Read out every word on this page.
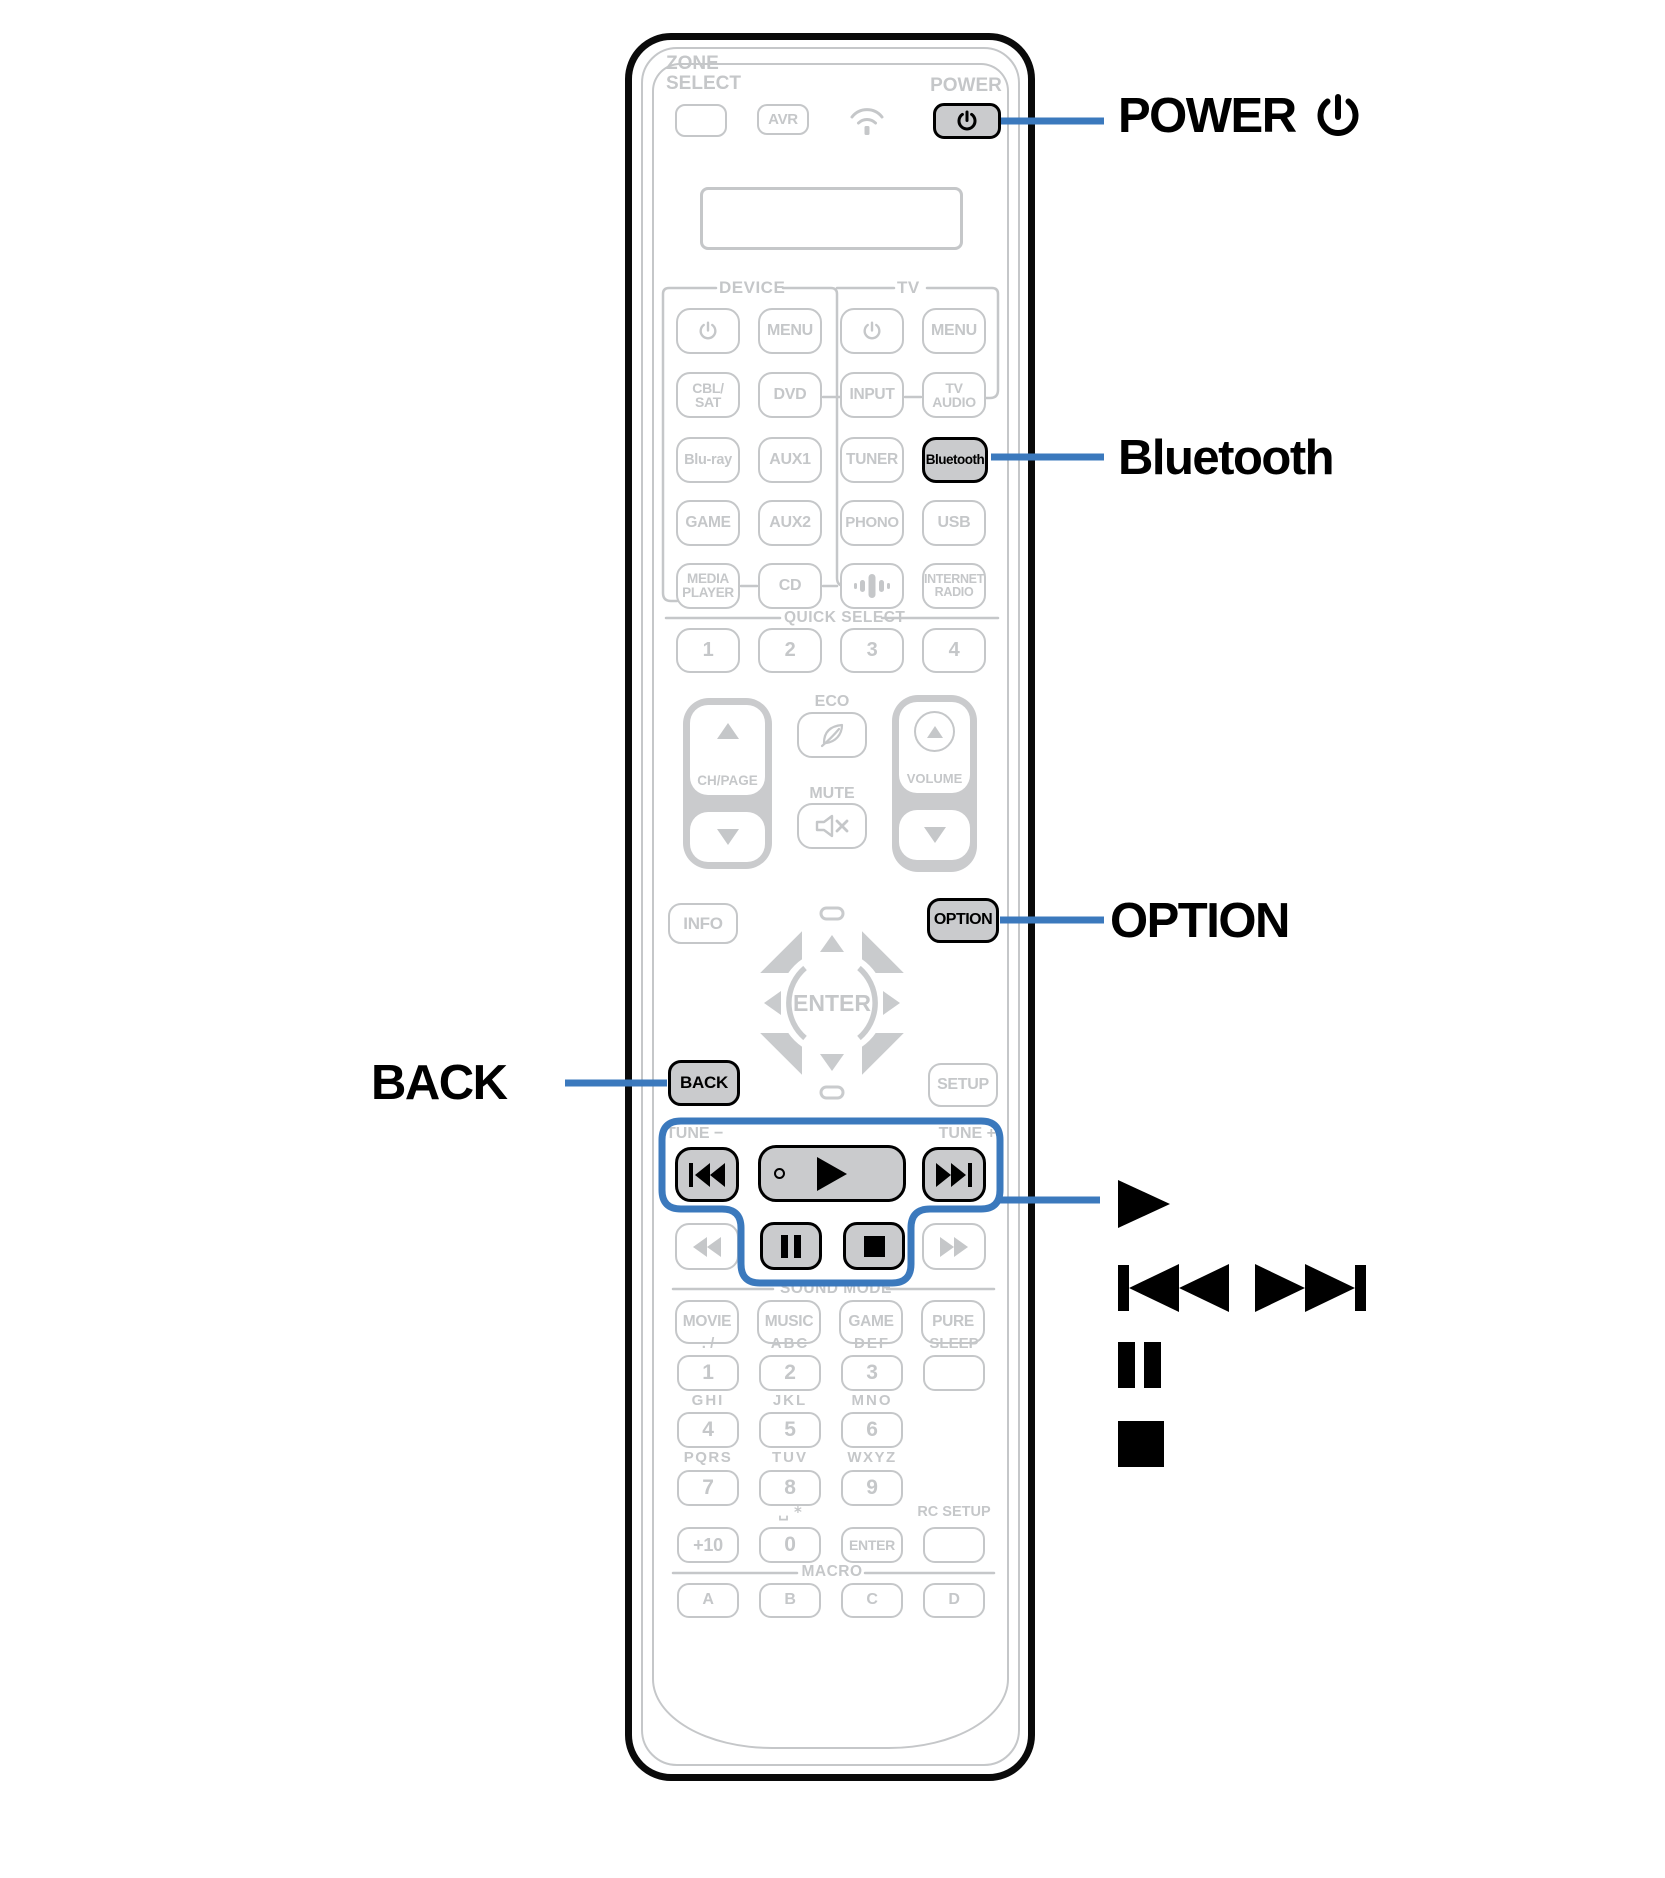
ZONE
SELECT
AVR
POWER
DEVICE	TV
MENU	MENU
CBL/
SAT	DVD	INPUT	TV
AUDIO
Blu-ray AUX1 TUNER Bluetooth
GAME AUX2 PHONO USB
MEDIA
PLAYER	CD	INTERNET
RADIO
QUICK SELECT
1	2	3	4
CH/PAGE
ECO
MUTE
VOLUME
INFO	OPTION
ENTER
BACK	SETUP
TUNE −	TUNE +
SOUND MODE
MOVIE MUSIC GAME PURE
. /	ABC	DEF	SLEEP
1	2	3
GHI	JKL	MNO
4	5	6
PQRS	TUV	WXYZ
7	8	9
␣ *	RC SETUP
+10	0	ENTER
MACRO
A	B	C	D
POWER
Bluetooth
OPTION
BACK
